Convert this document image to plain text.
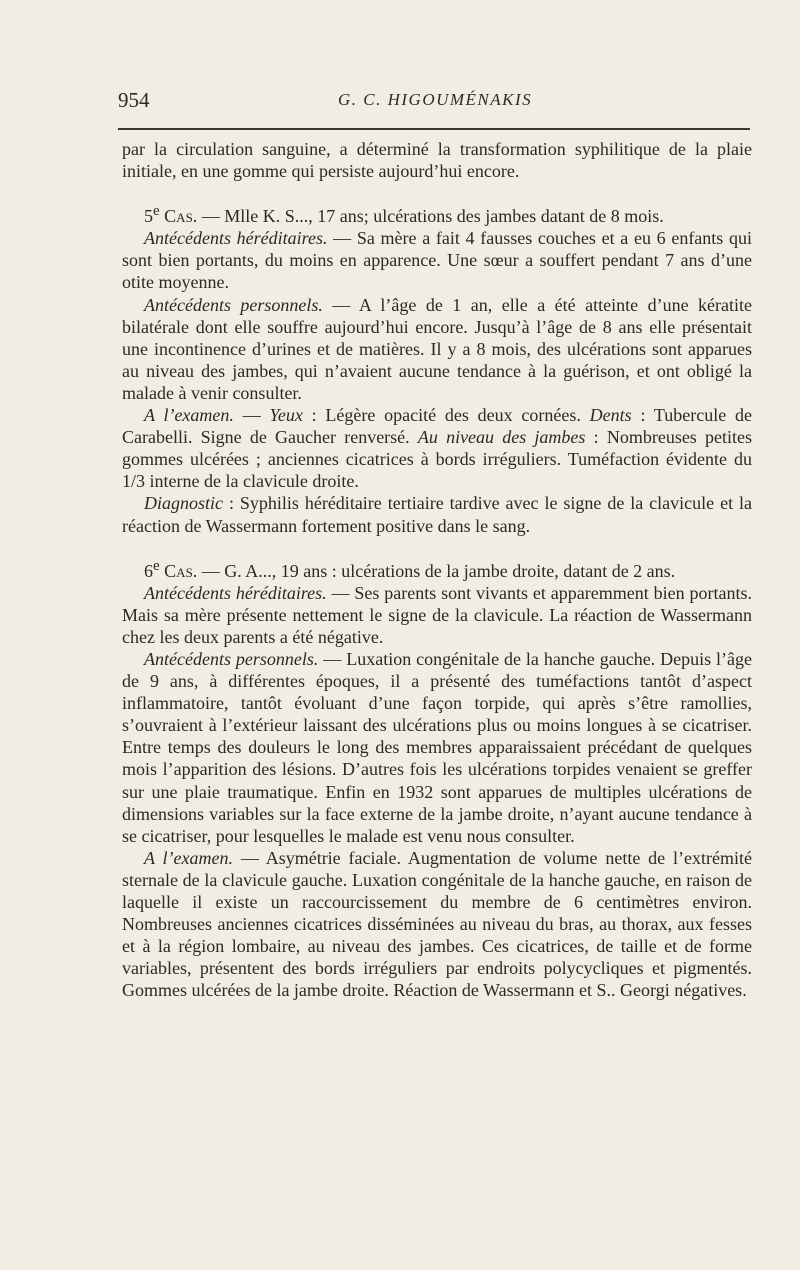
954	G. C. HIGOUMÉNAKIS

par la circulation sanguine, a déterminé la transformation syphilitique de la plaie initiale, en une gomme qui persiste aujourd’hui encore.

5e Cas. — Mlle K. S..., 17 ans; ulcérations des jambes datant de 8 mois.

Antécédents héréditaires. — Sa mère a fait 4 fausses couches et a eu 6 enfants qui sont bien portants, du moins en apparence. Une sœur a souffert pendant 7 ans d’une otite moyenne.

Antécédents personnels. — A l’âge de 1 an, elle a été atteinte d’une kératite bilatérale dont elle souffre aujourd’hui encore. Jusqu’à l’âge de 8 ans elle présentait une incontinence d’urines et de matières. Il y a 8 mois, des ulcérations sont apparues au niveau des jambes, qui n’avaient aucune tendance à la guérison, et ont obligé la malade à venir consulter.

A l’examen. — Yeux : Légère opacité des deux cornées. Dents : Tubercule de Carabelli. Signe de Gaucher renversé. Au niveau des jambes : Nombreuses petites gommes ulcérées ; anciennes cicatrices à bords irréguliers. Tuméfaction évidente du 1/3 interne de la clavicule droite.

Diagnostic : Syphilis héréditaire tertiaire tardive avec le signe de la clavicule et la réaction de Wassermann fortement positive dans le sang.

6e Cas. — G. A..., 19 ans : ulcérations de la jambe droite, datant de 2 ans.

Antécédents héréditaires. — Ses parents sont vivants et apparemment bien portants. Mais sa mère présente nettement le signe de la clavicule. La réaction de Wassermann chez les deux parents a été négative.

Antécédents personnels. — Luxation congénitale de la hanche gauche. Depuis l’âge de 9 ans, à différentes époques, il a présenté des tuméfactions tantôt d’aspect inflammatoire, tantôt évoluant d’une façon torpide, qui après s’être ramollies, s’ouvraient à l’extérieur laissant des ulcérations plus ou moins longues à se cicatriser. Entre temps des douleurs le long des membres apparaissaient précédant de quelques mois l’apparition des lésions. D’autres fois les ulcérations torpides venaient se greffer sur une plaie traumatique. Enfin en 1932 sont apparues de multiples ulcérations de dimensions variables sur la face externe de la jambe droite, n’ayant aucune tendance à se cicatriser, pour lesquelles le malade est venu nous consulter.

A l’examen. — Asymétrie faciale. Augmentation de volume nette de l’extrémité sternale de la clavicule gauche. Luxation congénitale de la hanche gauche, en raison de laquelle il existe un raccourcissement du membre de 6 centimètres environ. Nombreuses anciennes cicatrices disséminées au niveau du bras, au thorax, aux fesses et à la région lombaire, au niveau des jambes. Ces cicatrices, de taille et de forme variables, présentent des bords irréguliers par endroits polycycliques et pigmentés. Gommes ulcérées de la jambe droite. Réaction de Wassermann et S.. Georgi négatives.
